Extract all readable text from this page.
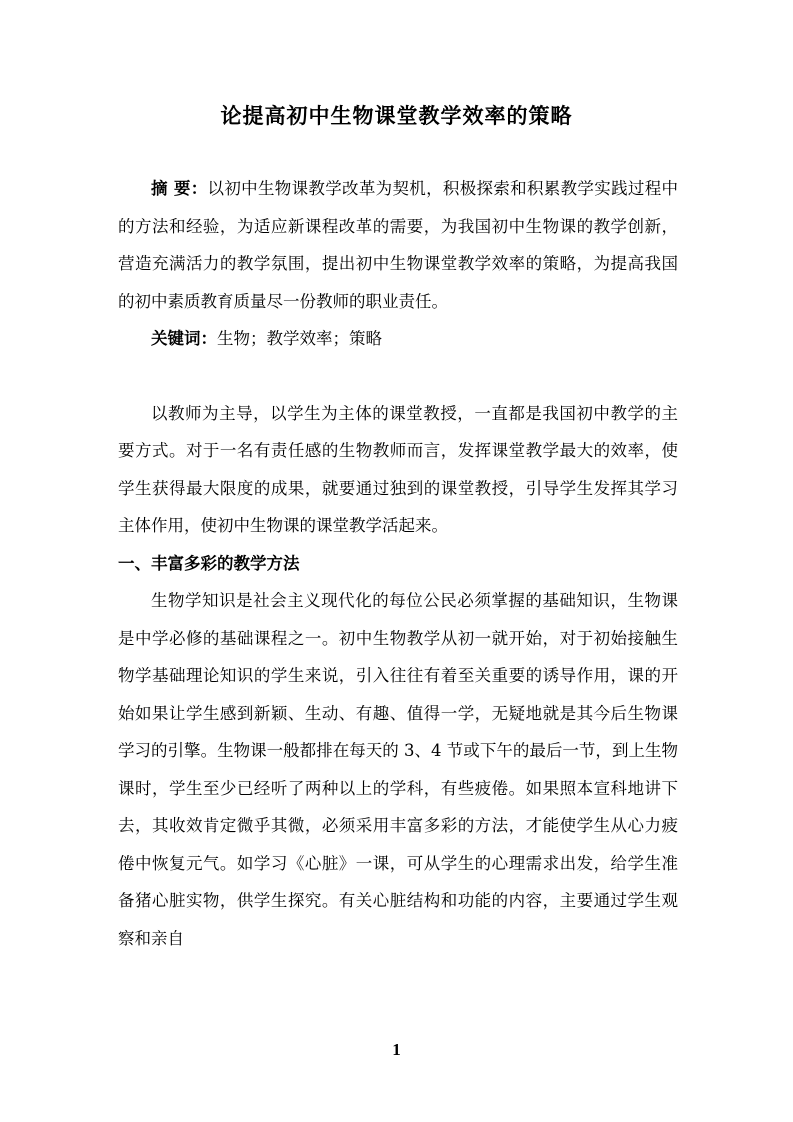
论提高初中生物课堂教学效率的策略

摘 要：以初中生物课教学改革为契机，积极探索和积累教学实践过程中的方法和经验，为适应新课程改革的需要，为我国初中生物课的教学创新，营造充满活力的教学氛围，提出初中生物课堂教学效率的策略，为提高我国的初中素质教育质量尽一份教师的职业责任。

关键词：生物；教学效率；策略

以教师为主导，以学生为主体的课堂教授，一直都是我国初中教学的主要方式。对于一名有责任感的生物教师而言，发挥课堂教学最大的效率，使学生获得最大限度的成果，就要通过独到的课堂教授，引导学生发挥其学习主体作用，使初中生物课的课堂教学活起来。

一、丰富多彩的教学方法

生物学知识是社会主义现代化的每位公民必须掌握的基础知识，生物课是中学必修的基础课程之一。初中生物教学从初一就开始，对于初始接触生物学基础理论知识的学生来说，引入往往有着至关重要的诱导作用，课的开始如果让学生感到新颖、生动、有趣、值得一学，无疑地就是其今后生物课学习的引擎。生物课一般都排在每天的 3、4 节或下午的最后一节，到上生物课时，学生至少已经听了两种以上的学科，有些疲倦。如果照本宣科地讲下去，其收效肯定微乎其微，必须采用丰富多彩的方法，才能使学生从心力疲倦中恢复元气。如学习《心脏》一课，可从学生的心理需求出发，给学生准备猪心脏实物，供学生探究。有关心脏结构和功能的内容，主要通过学生观察和亲自

1
